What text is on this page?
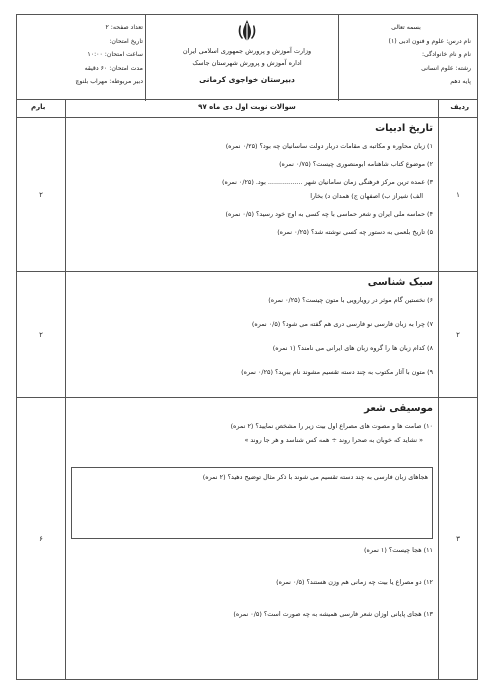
بسمه تعالی
نام درس: علوم و فنون ادبی (۱)
نام و نام خانوادگی:
رشته: علوم انسانی
پایه دهم
وزارت آموزش و پرورش جمهوری اسلامی ایران
اداره آموزش و پرورش شهرستان جاسک
دبیرستان خواجوی کرمانی
تعداد صفحه: ۲
تاریخ امتحان:
ساعت امتحان: ۱۰:۰۰
مدت امتحان: ۶۰ دقیقه
دبیر مربوطه: مهراب بلنوچ
ردیف
سوالات نوبت اول دی ماه ۹۷
بارم
۱
تاریخ ادبیات
۱) زبان محاوره و مکاتبه ی مقامات دربار دولت ساسانیان چه بود؟ (۰/۲۵ نمره)
۲) موضوع کتاب شاهنامه ابومنصوری چیست؟ (۰/۷۵ نمره)
۳) عمده ترین مرکز فرهنگی زمان سامانیان شهر ................. بود. (۰/۲۵ نمره)
الف) شیراز ب) اصفهان ج) همدان د) بخارا
۴) حماسه ملی ایران و شعر حماسی با چه کسی به اوج خود رسید؟ (۰/۵ نمره)
۵) تاریخ بلعمی به دستور چه کسی نوشته شد؟ (۰/۲۵ نمره)
۲
۲
سبک شناسی
۶) نخستین گام موثر در رویارویی با متون چیست؟ (۰/۲۵ نمره)
۷) چرا به زبان فارسی نو فارسی دری هم گفته می شود؟ (۰/۵ نمره)
۸) کدام زبان ها را گروه زبان های ایرانی می نامند؟ (۱ نمره)
۹) متون با آثار مکتوب به چند دسته تقسیم مشوند نام ببرید؟ (۰/۲۵ نمره)
۲
۳
موسیقی شعر
۱۰) صامت ها و مصوت های مصراع اول بیت زیر را مشخص نمایید؟ (۲ نمره)
« نشاید که خوبان به صحرا روند ÷ همه کس شناسد و هر جا روند »
هجاهای زبان فارسی به چند دسته تقسیم می شوند با ذکر مثال توضیح دهید؟ (۲ نمره)
۱۱) هجا چیست؟ (۱ نمره)
۱۲) دو مصراع یا بیت چه زمانی هم وزن هستند؟ (۰/۵ نمره)
۱۳) هجای پایانی اوزان شعر فارسی همیشه به چه صورت است؟ (۰/۵ نمره)
۶
